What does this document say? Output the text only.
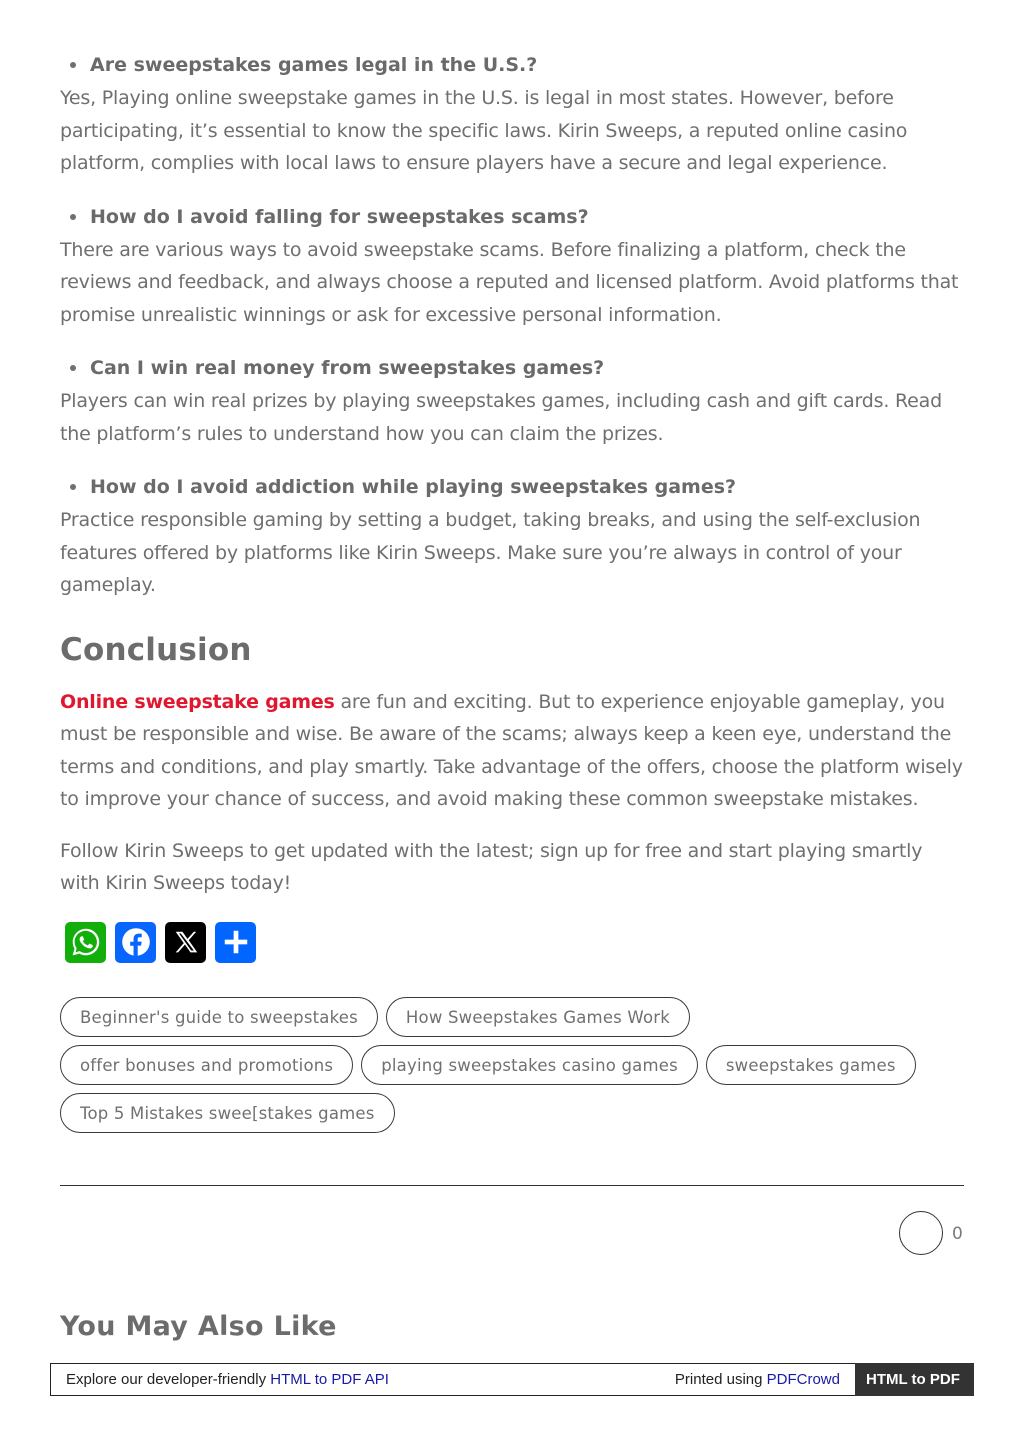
Are sweepstakes games legal in the U.S.?

Yes, Playing online sweepstake games in the U.S. is legal in most states. However, before participating, it’s essential to know the specific laws. Kirin Sweeps, a reputed online casino platform, complies with local laws to ensure players have a secure and legal experience.

How do I avoid falling for sweepstakes scams?

There are various ways to avoid sweepstake scams. Before finalizing a platform, check the reviews and feedback, and always choose a reputed and licensed platform. Avoid platforms that promise unrealistic winnings or ask for excessive personal information.

Can I win real money from sweepstakes games?

Players can win real prizes by playing sweepstakes games, including cash and gift cards. Read the platform’s rules to understand how you can claim the prizes.

How do I avoid addiction while playing sweepstakes games?

Practice responsible gaming by setting a budget, taking breaks, and using the self-exclusion features offered by platforms like Kirin Sweeps. Make sure you’re always in control of your gameplay.

Conclusion

Online sweepstake games are fun and exciting. But to experience enjoyable gameplay, you must be responsible and wise. Be aware of the scams; always keep a keen eye, understand the terms and conditions, and play smartly. Take advantage of the offers, choose the platform wisely to improve your chance of success, and avoid making these common sweepstake mistakes.

Follow Kirin Sweeps to get updated with the latest; sign up for free and start playing smartly with Kirin Sweeps today!

Beginner's guide to sweepstakes	How Sweepstakes Games Work
offer bonuses and promotions	playing sweepstakes casino games	sweepstakes games
Top 5 Mistakes swee[stakes games
0
You May Also Like
Explore our developer-friendly HTML to PDF API	Printed using PDFCrowd	HTML to PDF
